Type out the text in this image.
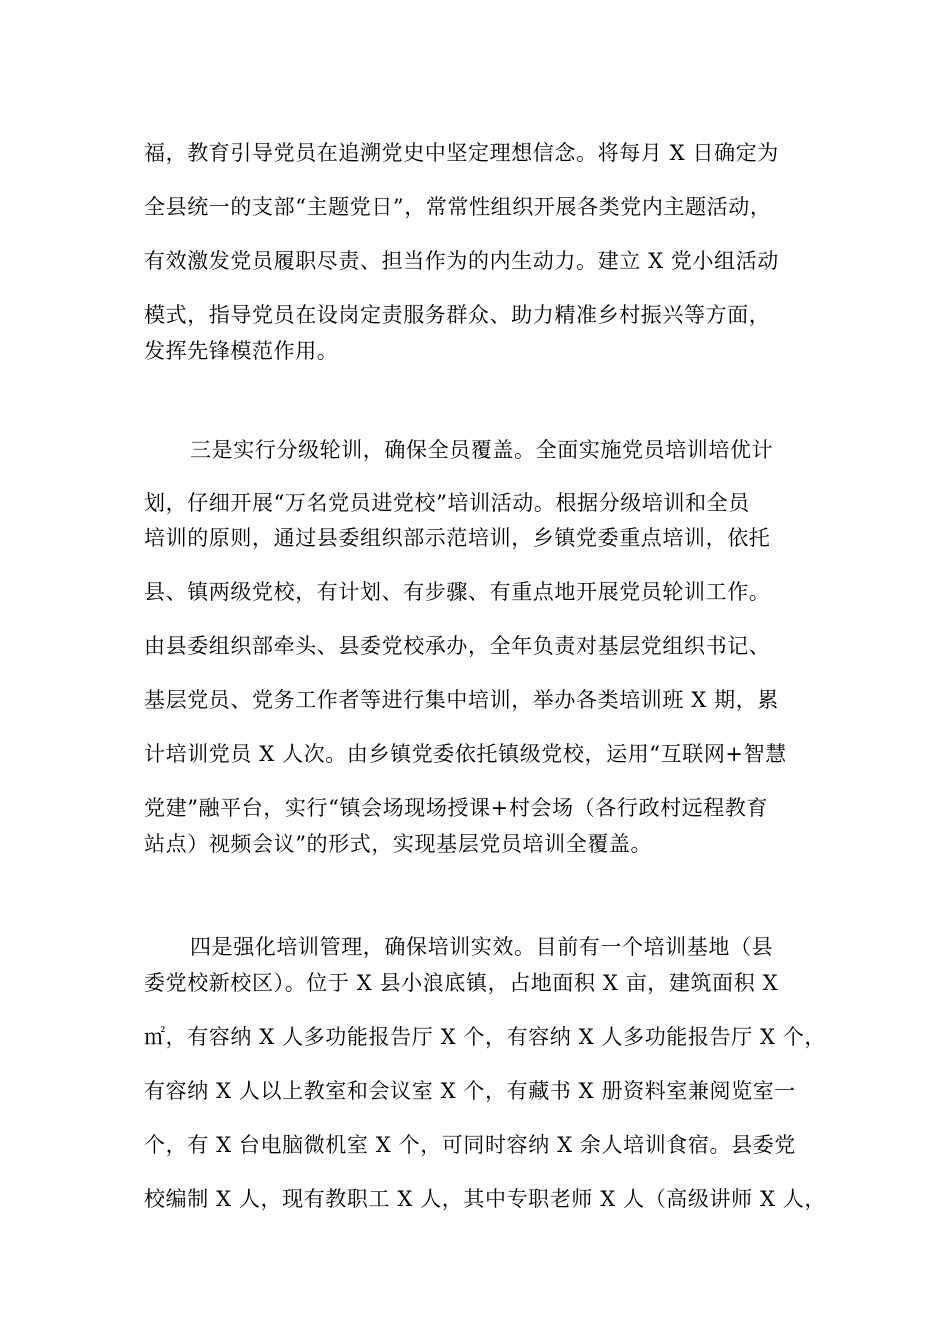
福，教育引导党员在追溯党史中坚定理想信念。将每月 X 日确定为
全县统一的支部“主题党日”，常常性组织开展各类党内主题活动，
有效激发党员履职尽责、担当作为的内生动力。建立 X 党小组活动
模式，指导党员在设岗定责服务群众、助力精准乡村振兴等方面，
发挥先锋模范作用。
三是实行分级轮训，确保全员覆盖。全面实施党员培训培优计
划，仔细开展“万名党员进党校”培训活动。根据分级培训和全员
培训的原则，通过县委组织部示范培训，乡镇党委重点培训，依托
县、镇两级党校，有计划、有步骤、有重点地开展党员轮训工作。
由县委组织部牵头、县委党校承办，全年负责对基层党组织书记、
基层党员、党务工作者等进行集中培训，举办各类培训班 X 期，累
计培训党员 X 人次。由乡镇党委依托镇级党校，运用“互联网+智慧
党建”融平台，实行“镇会场现场授课+村会场（各行政村远程教育
站点）视频会议”的形式，实现基层党员培训全覆盖。
四是强化培训管理，确保培训实效。目前有一个培训基地（县
委党校新校区）。位于 X 县小浪底镇，占地面积 X 亩，建筑面积 X
㎡，有容纳 X 人多功能报告厅 X 个，有容纳 X 人多功能报告厅 X 个，
有容纳 X 人以上教室和会议室 X 个，有藏书 X 册资料室兼阅览室一
个，有 X 台电脑微机室 X 个，可同时容纳 X 余人培训食宿。县委党
校编制 X 人，现有教职工 X 人，其中专职老师 X 人（高级讲师 X 人，
